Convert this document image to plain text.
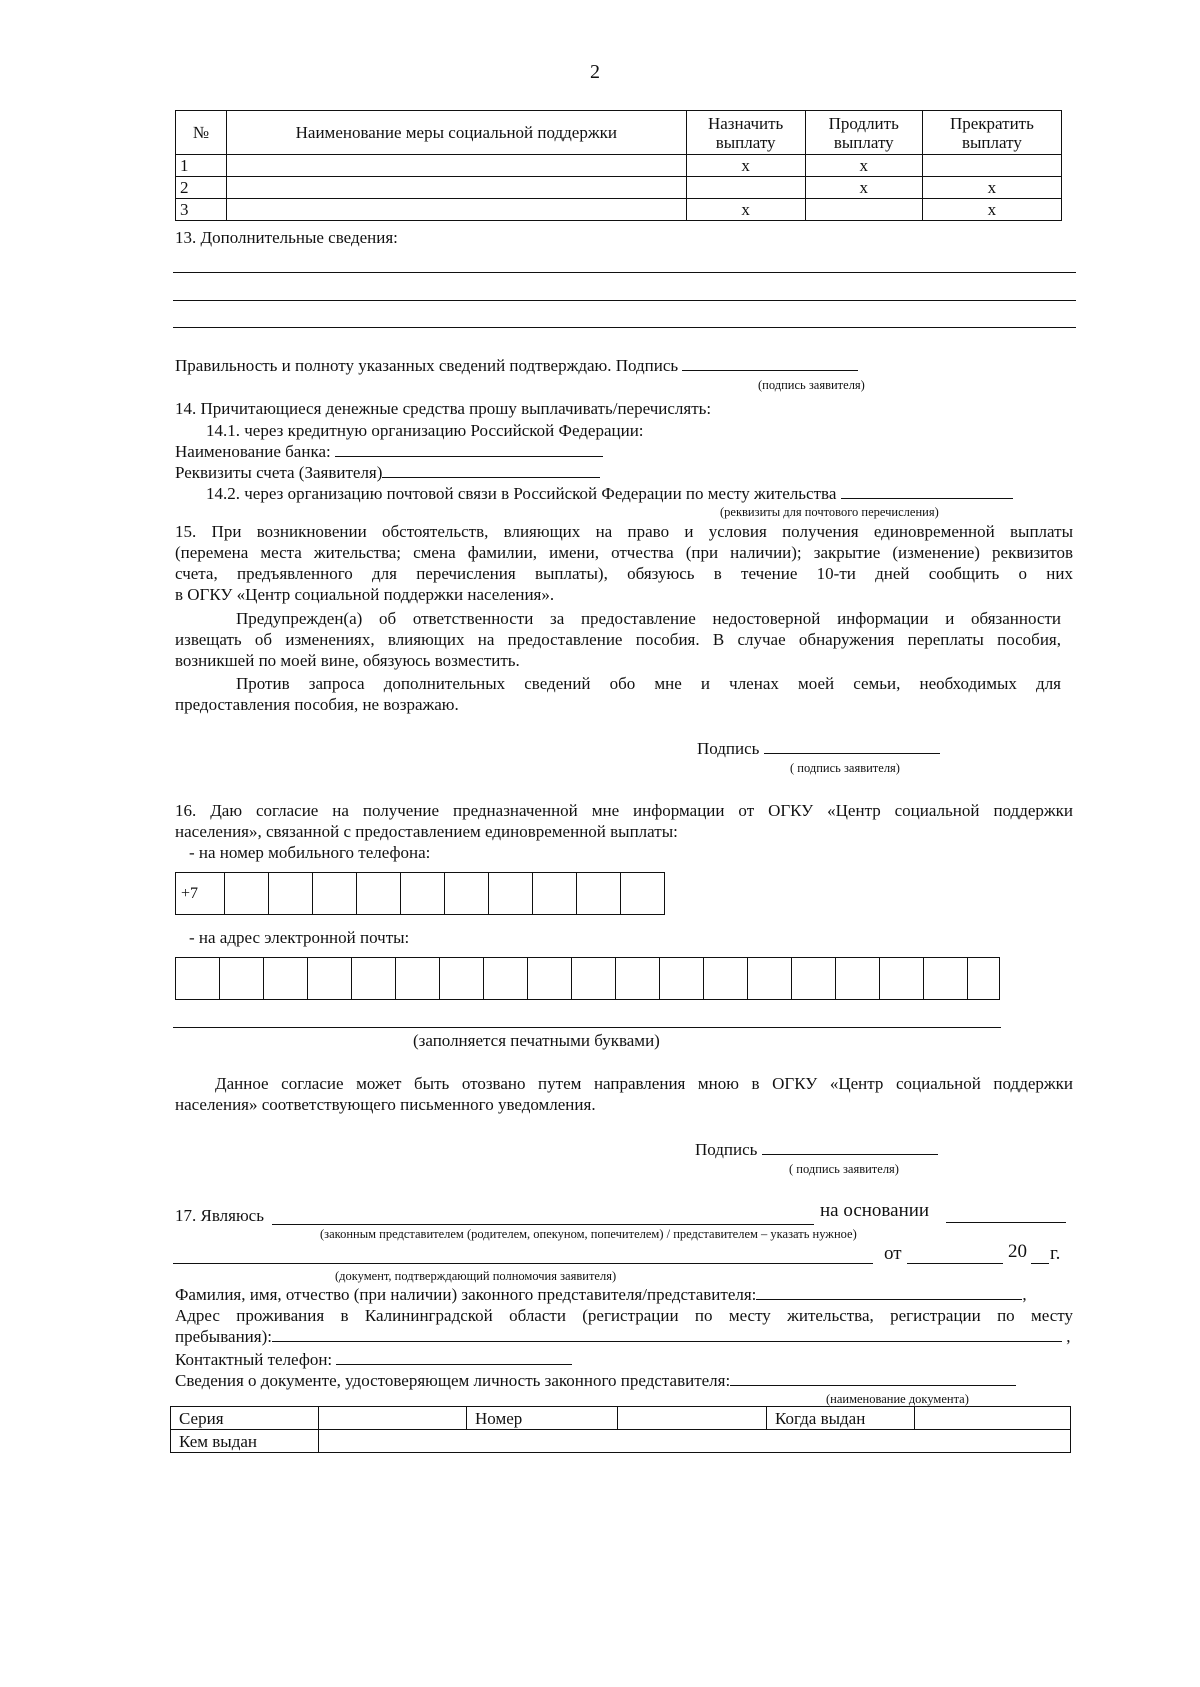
2
№	Наименование меры социальной поддержки	Назначить выплату	Продлить выплату	Прекратить выплату
1		x	x	
2			x	x
3		x		x
13. Дополнительные сведения:
Правильность и полноту указанных сведений подтверждаю. Подпись
(подпись заявителя)
14. Причитающиеся денежные средства прошу выплачивать/перечислять:
14.1. через кредитную организацию Российской Федерации:
Наименование банка:
Реквизиты счета (Заявителя)
14.2. через организацию почтовой связи в Российской Федерации по месту жительства
(реквизиты для почтового перечисления)
15. При возникновении обстоятельств, влияющих на право и условия получения единовременной выплаты
(перемена места жительства; смена фамилии, имени, отчества (при наличии); закрытие (изменение) реквизитов
счета, предъявленного для перечисления выплаты), обязуюсь в течение 10-ти дней сообщить о них
в ОГКУ «Центр социальной поддержки населения».
Предупрежден(а) об ответственности за предоставление недостоверной информации и обязанности
извещать об изменениях, влияющих на предоставление пособия. В случае обнаружения переплаты пособия,
возникшей по моей вине, обязуюсь возместить.
Против запроса дополнительных сведений обо мне и членах моей семьи, необходимых для
предоставления пособия, не возражаю.
Подпись
( подпись заявителя)
16. Даю согласие на получение предназначенной мне информации от ОГКУ «Центр социальной поддержки
населения», связанной с предоставлением единовременной выплаты:
- на номер мобильного телефона:
+7										
- на адрес электронной почты:

(заполняется печатными буквами)
Данное согласие может быть отозвано путем направления мною в ОГКУ «Центр социальной поддержки
населения» соответствующего письменного уведомления.
Подпись
( подпись заявителя)
17. Являюсь	на основании
(законным представителем (родителем, опекуном, попечителем) / представителем – указать нужное)
от	20 г.
(документ, подтверждающий полномочия заявителя)
Фамилия, имя, отчество (при наличии) законного представителя/представителя:	,
Адрес проживания в Калининградской области (регистрации по месту жительства, регистрации по месту
пребывания):	,
Контактный телефон:
Сведения о документе, удостоверяющем личность законного представителя:
(наименование документа)
Серия		Номер		Когда выдан	
Кем выдан					
